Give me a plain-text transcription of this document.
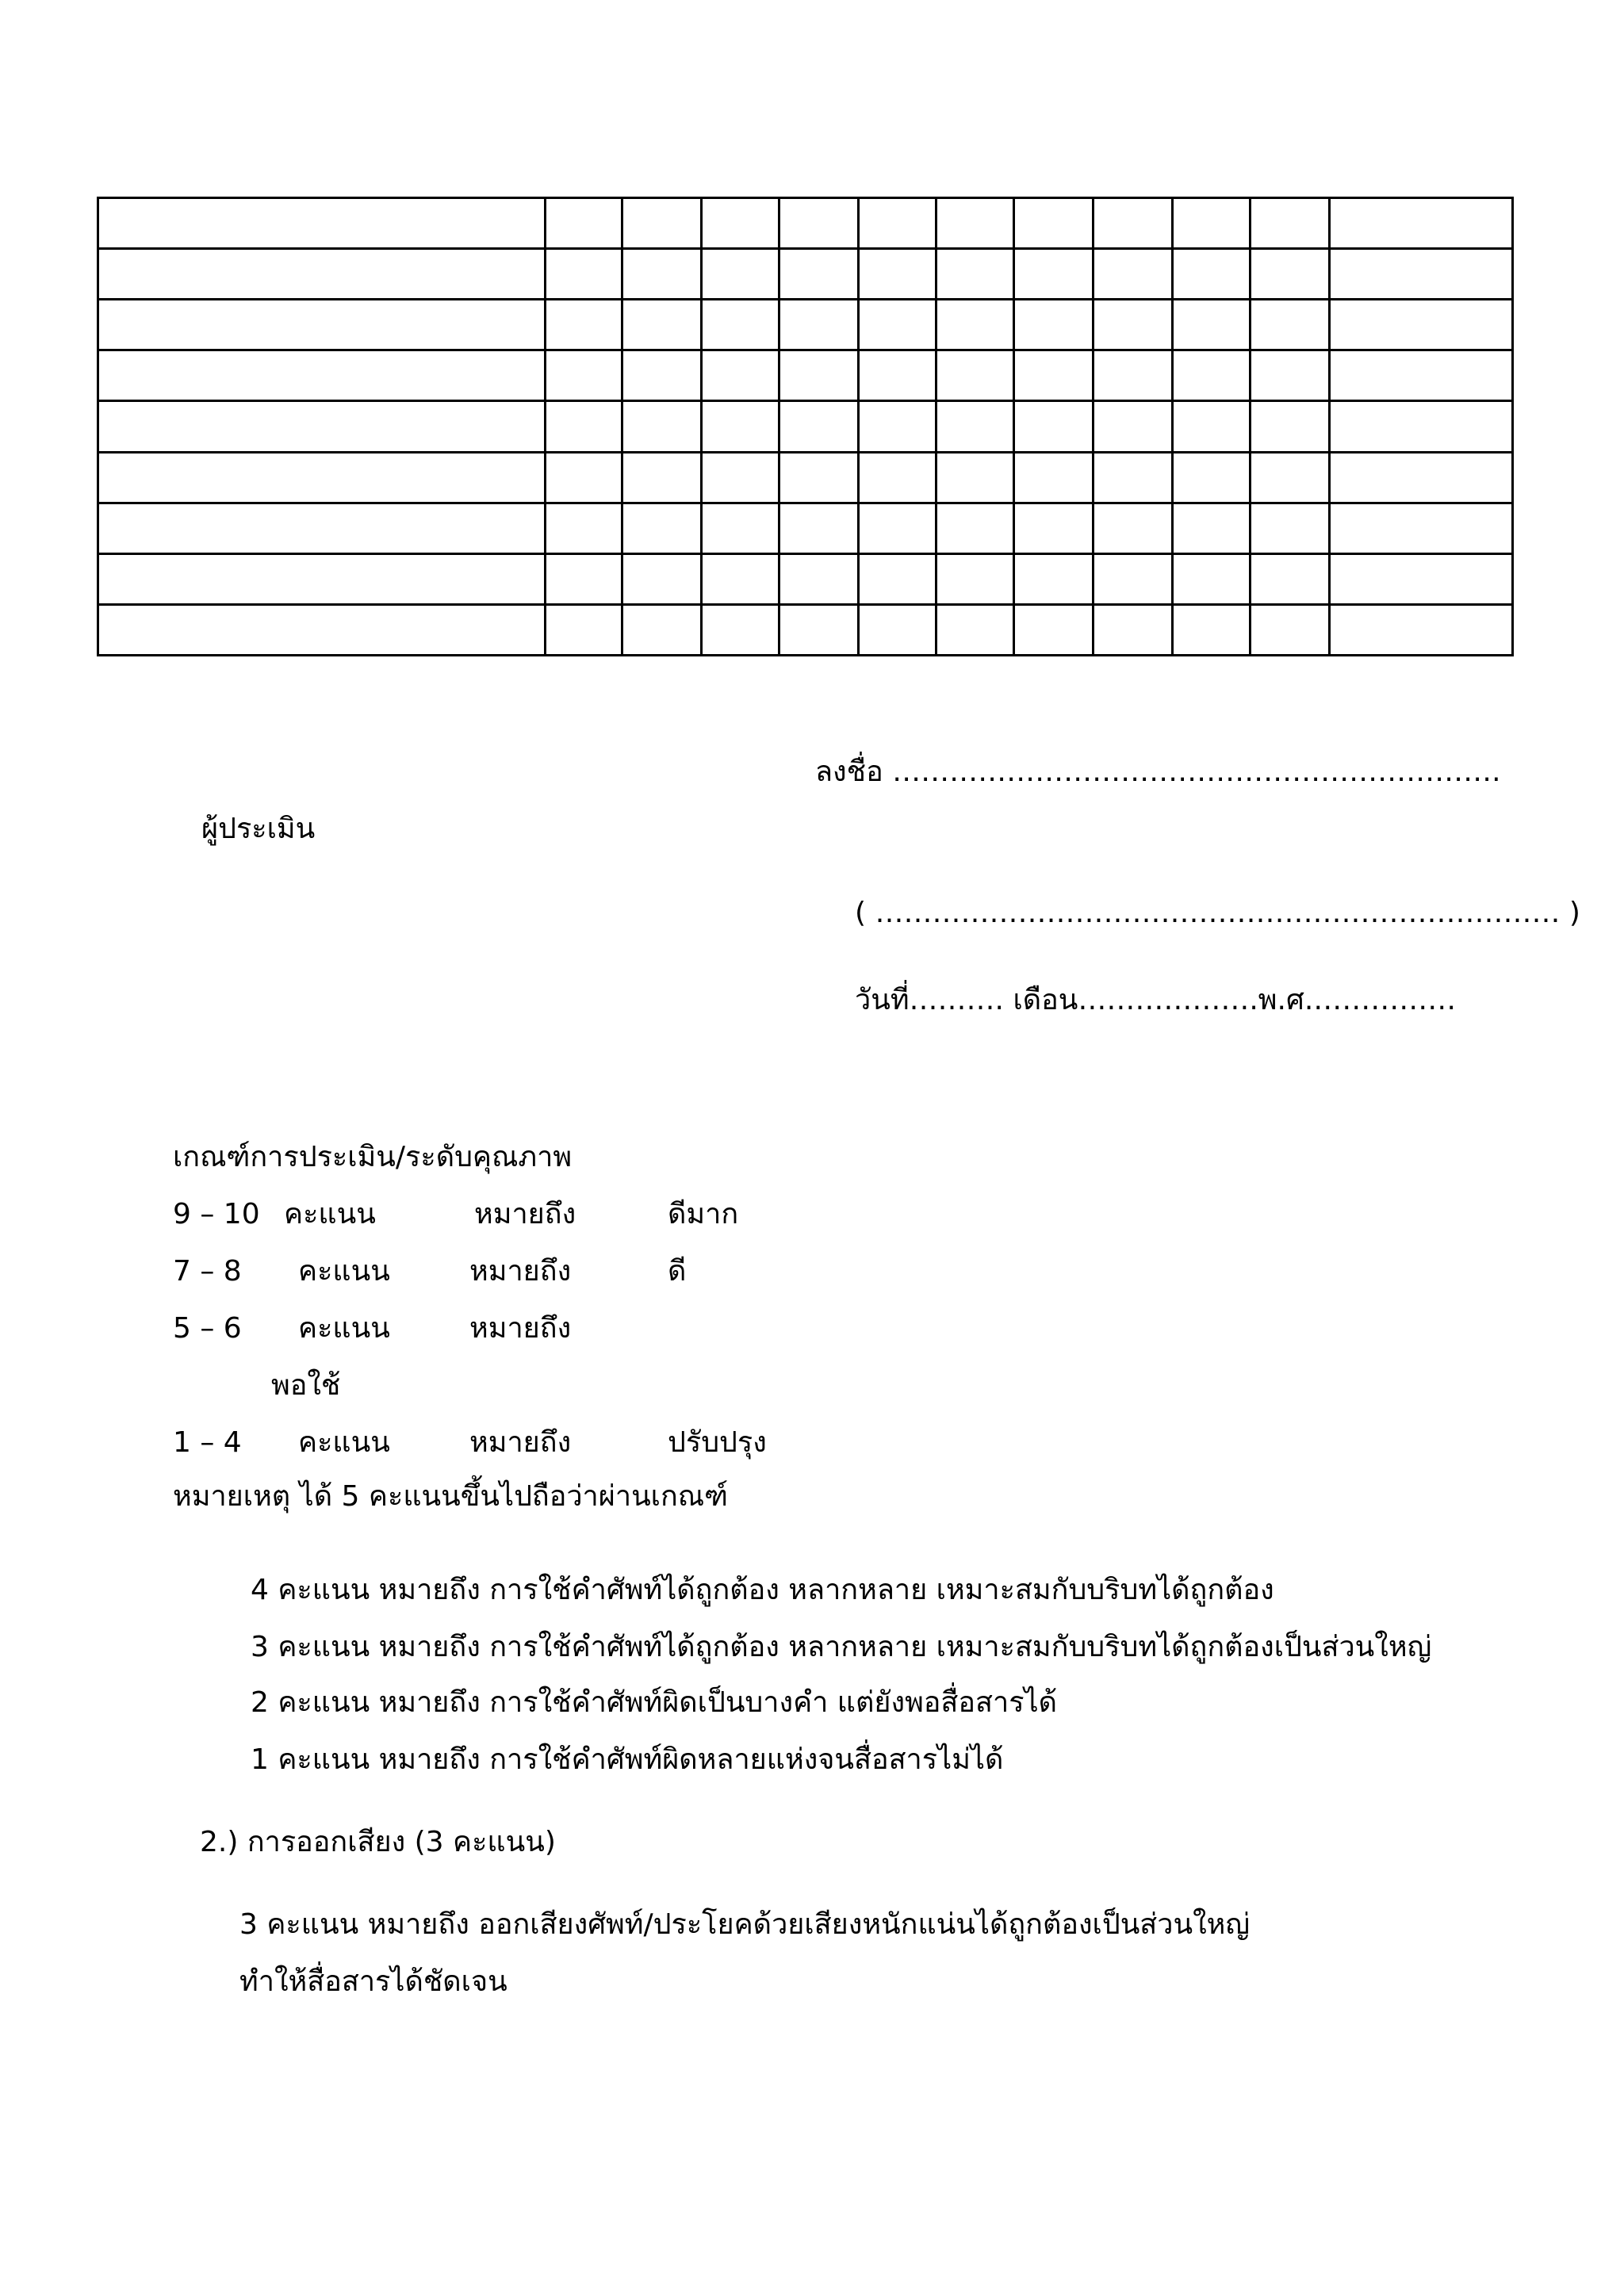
ลงชื่อ ……………………………………………………….
ผู้ประเมิน
( ……………………………………………………………… )
วันที่………. เดือน……………….พ.ศ.……………
เกณฑ์การประเมิน/ระดับคุณภาพ
9 – 10 คะแนน	หมายถึง	ดีมาก
7 – 8 คะแนน	หมายถึง	ดี
5 – 6 คะแนน	หมายถึง
พอใช้
1 – 4 คะแนน	หมายถึง	ปรับปรุง
หมายเหตุ ได้ 5 คะแนนขึ้นไปถือว่าผ่านเกณฑ์
4 คะแนน หมายถึง การใช้คำศัพท์ได้ถูกต้อง หลากหลาย เหมาะสมกับบริบทได้ถูกต้อง
3 คะแนน หมายถึง การใช้คำศัพท์ได้ถูกต้อง หลากหลาย เหมาะสมกับบริบทได้ถูกต้องเป็นส่วนใหญ่
2 คะแนน หมายถึง การใช้คำศัพท์ผิดเป็นบางคำ แต่ยังพอสื่อสารได้
1 คะแนน หมายถึง การใช้คำศัพท์ผิดหลายแห่งจนสื่อสารไม่ได้
2.) การออกเสียง (3 คะแนน)
3 คะแนน หมายถึง ออกเสียงศัพท์/ประโยคด้วยเสียงหนักแน่นได้ถูกต้องเป็นส่วนใหญ่
ทำให้สื่อสารได้ชัดเจน
